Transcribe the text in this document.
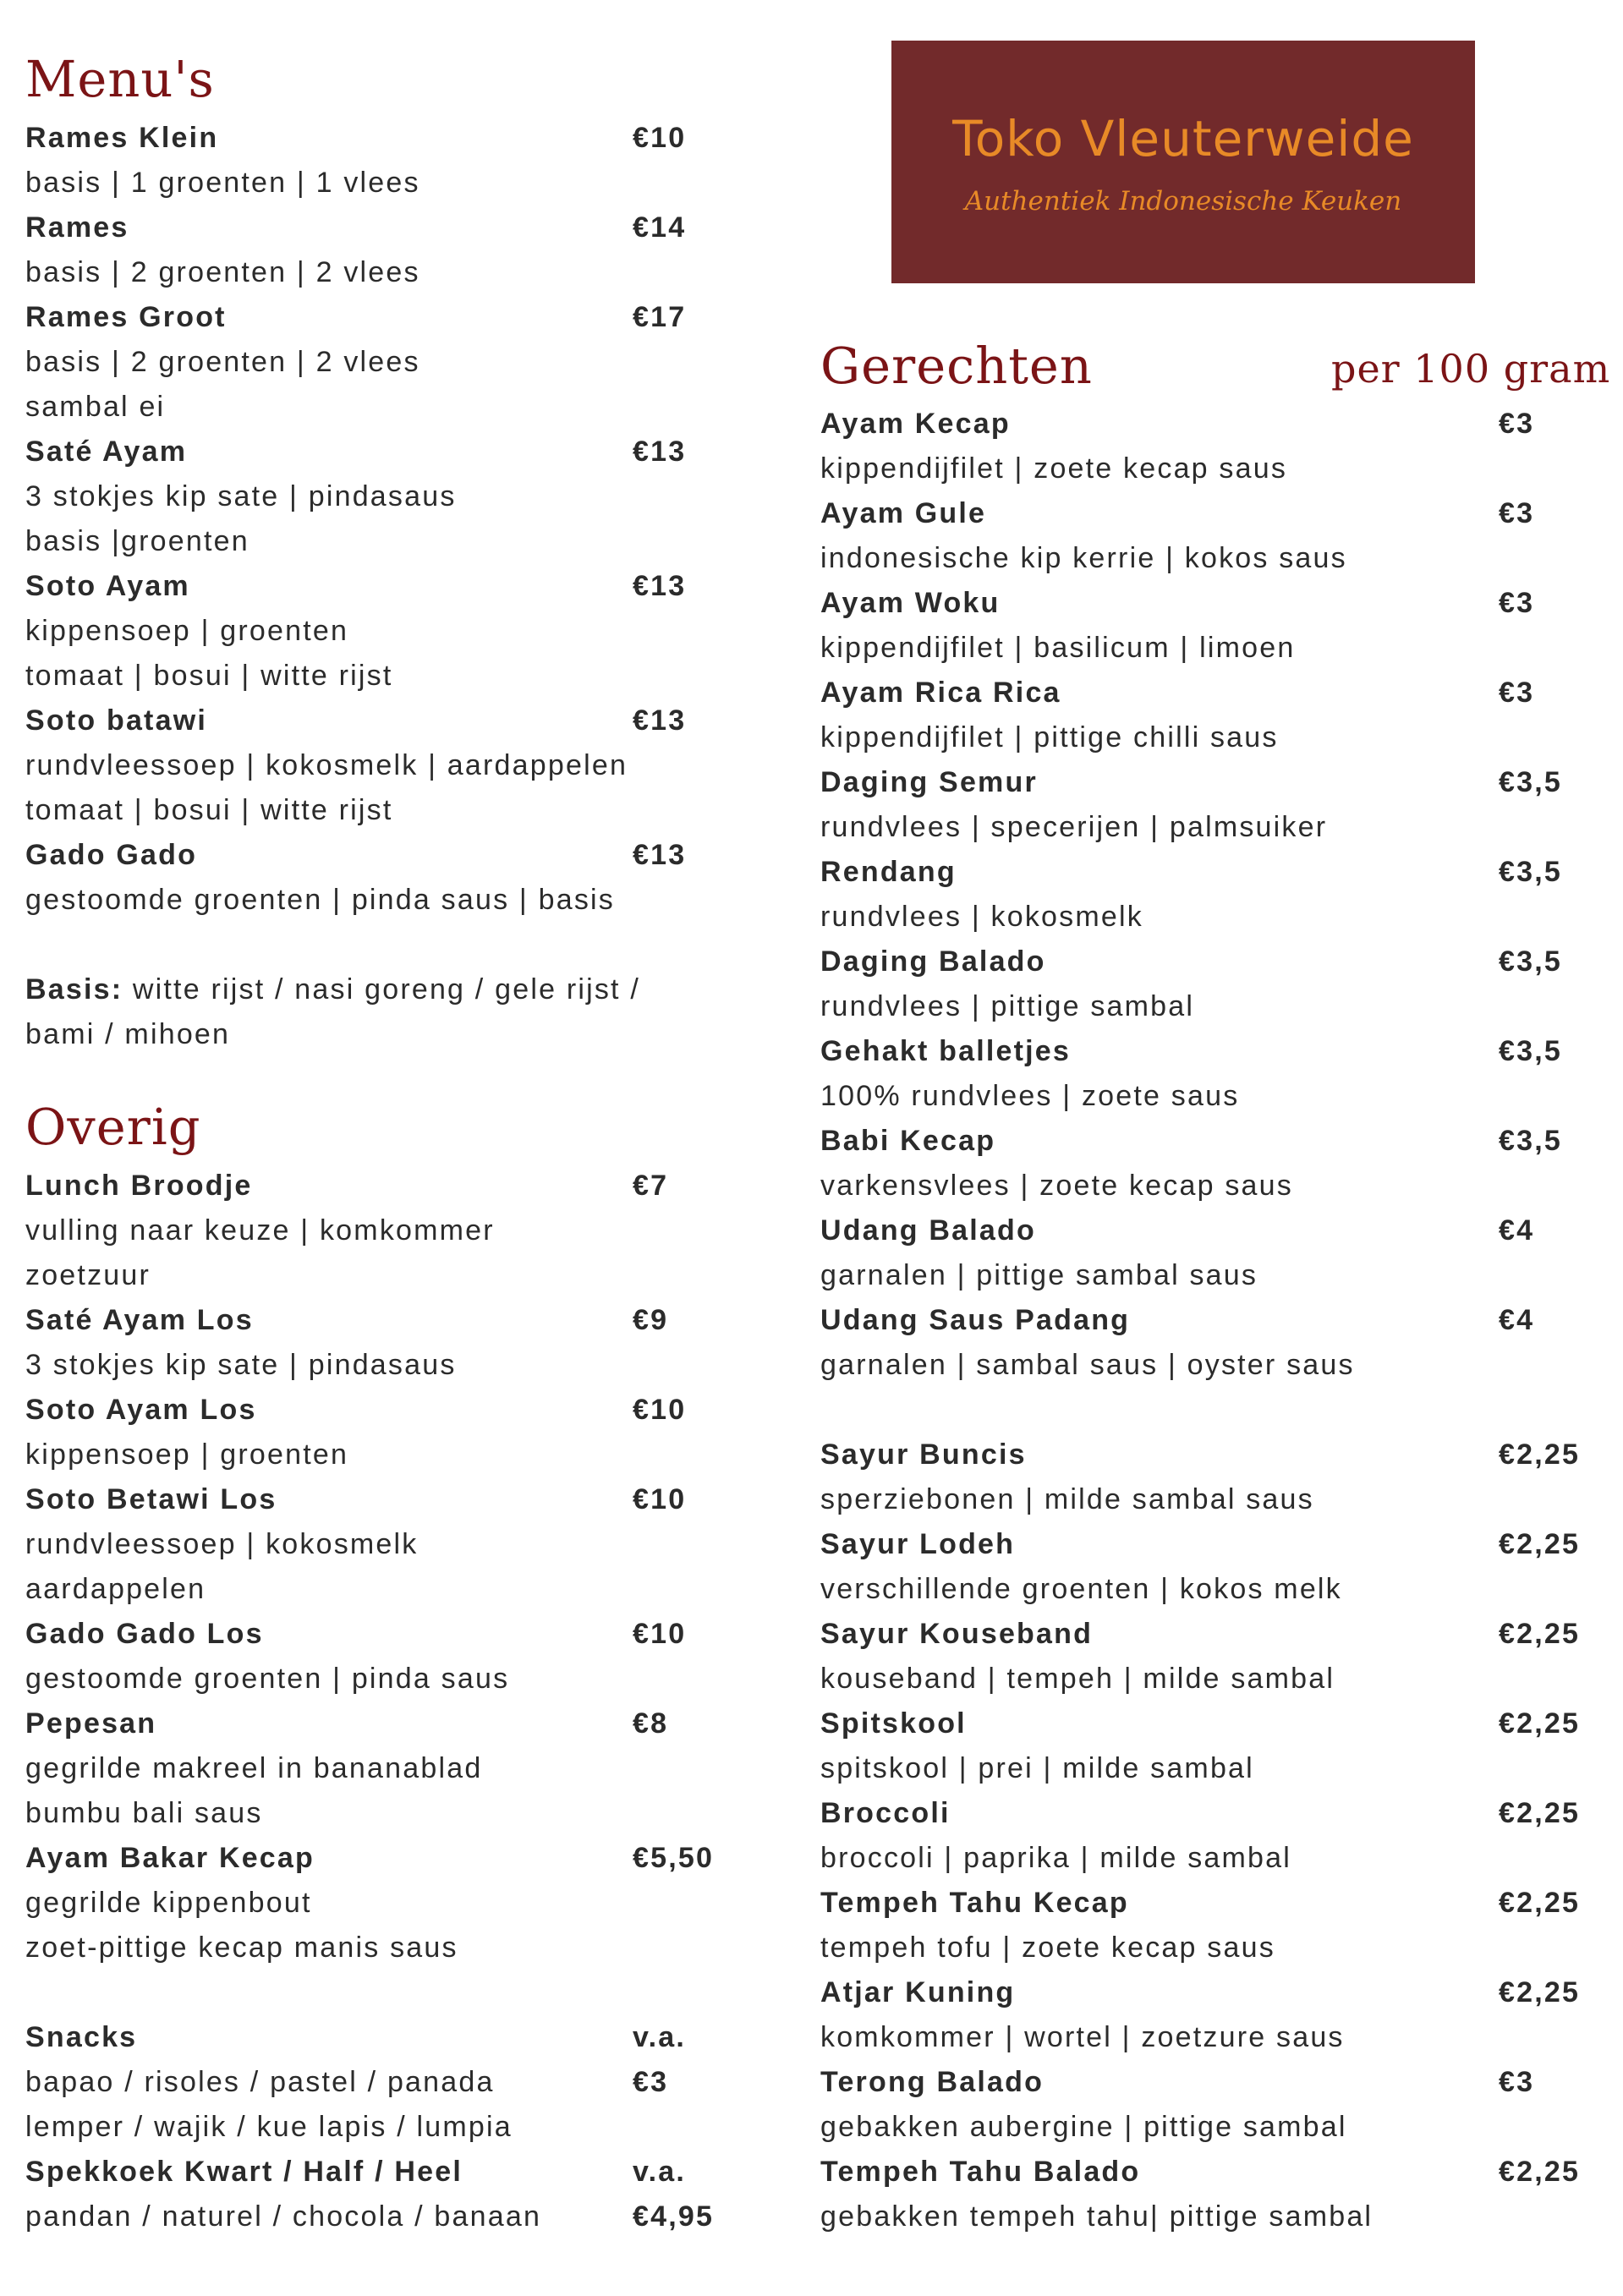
Menu's
Rames Klein	€10
basis | 1 groenten | 1 vlees
Rames	€14
basis | 2 groenten | 2 vlees
Rames Groot	€17
basis | 2 groenten | 2 vlees
sambal ei
Saté Ayam	€13
3 stokjes kip sate | pindasaus
basis |groenten
Soto Ayam	€13
kippensoep | groenten
tomaat | bosui | witte rijst
Soto batawi	€13
rundvleessoep | kokosmelk | aardappelen
tomaat | bosui | witte rijst
Gado Gado	€13
gestoomde groenten | pinda saus | basis
Basis: witte rijst / nasi goreng / gele rijst /
bami / mihoen
Overig
Lunch Broodje	€7
vulling naar keuze | komkommer
zoetzuur
Saté Ayam Los	€9
3 stokjes kip sate | pindasaus
Soto Ayam Los	€10
kippensoep | groenten
Soto Betawi Los	€10
rundvleessoep | kokosmelk
aardappelen
Gado Gado Los	€10
gestoomde groenten | pinda saus
Pepesan	€8
gegrilde makreel in bananablad
bumbu bali saus
Ayam Bakar Kecap	€5,50
gegrilde kippenbout
zoet-pittige kecap manis saus
Snacks	v.a.
bapao / risoles / pastel / panada	€3
lemper / wajik / kue lapis / lumpia
Spekkoek Kwart / Half / Heel	v.a.
pandan / naturel / chocola / banaan	€4,95
Toko Vleuterweide
Authentiek Indonesische Keuken
Gerechten	per 100 gram
Ayam Kecap	€3
kippendijfilet | zoete kecap saus
Ayam Gule	€3
indonesische kip kerrie | kokos saus
Ayam Woku	€3
kippendijfilet | basilicum | limoen
Ayam Rica Rica	€3
kippendijfilet | pittige chilli saus
Daging Semur	€3,5
rundvlees | specerijen | palmsuiker
Rendang	€3,5
rundvlees | kokosmelk
Daging Balado	€3,5
rundvlees | pittige sambal
Gehakt balletjes	€3,5
100% rundvlees | zoete saus
Babi Kecap	€3,5
varkensvlees | zoete kecap saus
Udang Balado	€4
garnalen | pittige sambal saus
Udang Saus Padang	€4
garnalen | sambal saus | oyster saus
Sayur Buncis	€2,25
sperziebonen | milde sambal saus
Sayur Lodeh	€2,25
verschillende groenten | kokos melk
Sayur Kouseband	€2,25
kouseband | tempeh | milde sambal
Spitskool	€2,25
spitskool | prei | milde sambal
Broccoli	€2,25
broccoli | paprika | milde sambal
Tempeh Tahu Kecap	€2,25
tempeh tofu | zoete kecap saus
Atjar Kuning	€2,25
komkommer | wortel | zoetzure saus
Terong Balado	€3
gebakken aubergine | pittige sambal
Tempeh Tahu Balado	€2,25
gebakken tempeh tahu| pittige sambal
